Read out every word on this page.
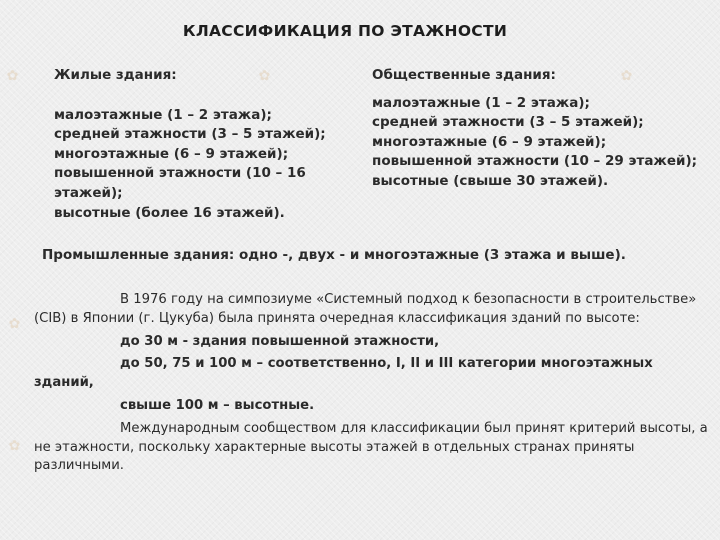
✿	✿	✿
✿
✿
КЛАССИФИКАЦИЯ ПО ЭТАЖНОСТИ
Жилые здания:
малоэтажные (1 – 2 этажа);
средней этажности (3 – 5 этажей);
многоэтажные (6 – 9 этажей);
повышенной этажности (10 – 16 этажей);
высотные (более 16 этажей).
Общественные здания:
малоэтажные (1 – 2 этажа);
средней этажности (3 – 5 этажей);
многоэтажные (6 – 9 этажей);
повышенной этажности (10 – 29 этажей);
высотные (свыше 30 этажей).
Промышленные здания: одно -, двух - и многоэтажные (3 этажа и выше).

В 1976 году на симпозиуме «Системный подход к безопасности в строительстве» (CIB) в Японии (г. Цукуба) была принята очередная классификация зданий по высоте:

до 30 м - здания повышенной этажности,

до 50, 75 и 100 м – соответственно, I, II и III категории многоэтажных зданий,

свыше 100 м – высотные.

Международным сообществом для классификации был принят критерий высоты, а не этажности, поскольку характерные высоты этажей в отдельных странах приняты различными.
